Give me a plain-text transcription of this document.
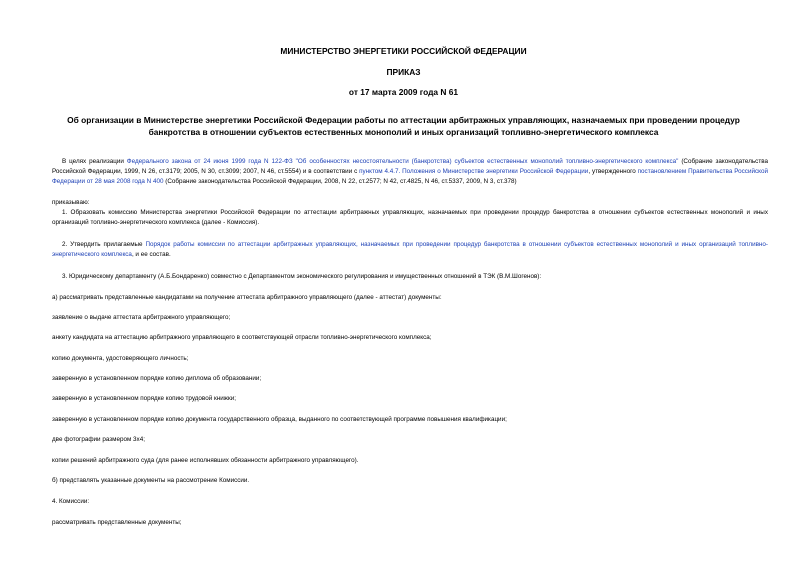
МИНИСТЕРСТВО ЭНЕРГЕТИКИ РОССИЙСКОЙ ФЕДЕРАЦИИ
ПРИКАЗ
от 17 марта 2009 года N 61
Об организации в Министерстве энергетики Российской Федерации работы по аттестации арбитражных управляющих, назначаемых при проведении процедур
банкротства в отношении субъектов естественных монополий и иных организаций топливно-энергетического комплекса
В целях реализации Федерального закона от 24 июня 1999 года N 122-ФЗ "Об особенностях несостоятельности (банкротства) субъектов естественных монополий топливно-энергетического комплекса" (Собрание законодательства Российской Федерации, 1999, N 26, ст.3179; 2005, N 30, ст.3099; 2007, N 46, ст.5554) и в соответствии с пунктом 4.4.7. Положения о Министерстве энергетики Российской Федерации, утвержденного постановлением Правительства Российской Федерации от 28 мая 2008 года N 400 (Собрание законодательства Российской Федерации, 2008, N 22, ст.2577; N 42, ст.4825, N 46, ст.5337, 2009, N 3, ст.378)
приказываю:
1. Образовать комиссию Министерства энергетики Российской Федерации по аттестации арбитражных управляющих, назначаемых при проведении процедур банкротства в отношении субъектов естественных монополий и иных организаций топливно-энергетического комплекса (далее - Комиссия).
2. Утвердить прилагаемые Порядок работы комиссии по аттестации арбитражных управляющих, назначаемых при проведении процедур банкротства в отношении субъектов естественных монополий и иных организаций топливно-энергетического комплекса, и ее состав.
3. Юридическому департаменту (А.Б.Бондаренко) совместно с Департаментом экономического регулирования и имущественных отношений в ТЭК (В.М.Шогенов):
а) рассматривать представленные кандидатами на получение аттестата арбитражного управляющего (далее - аттестат) документы:
заявление о выдаче аттестата арбитражного управляющего;
анкету кандидата на аттестацию арбитражного управляющего в соответствующей отрасли топливно-энергетического комплекса;
копию документа, удостоверяющего личность;
заверенную в установленном порядке копию диплома об образовании;
заверенную в установленном порядке копию трудовой книжки;
заверенную в установленном порядке копию документа государственного образца, выданного по соответствующей программе повышения квалификации;
две фотографии размером 3х4;
копии решений арбитражного суда (для ранее исполнявших обязанности арбитражного управляющего).
б) представлять указанные документы на рассмотрение Комиссии.
4. Комиссии:
рассматривать представленные документы;
